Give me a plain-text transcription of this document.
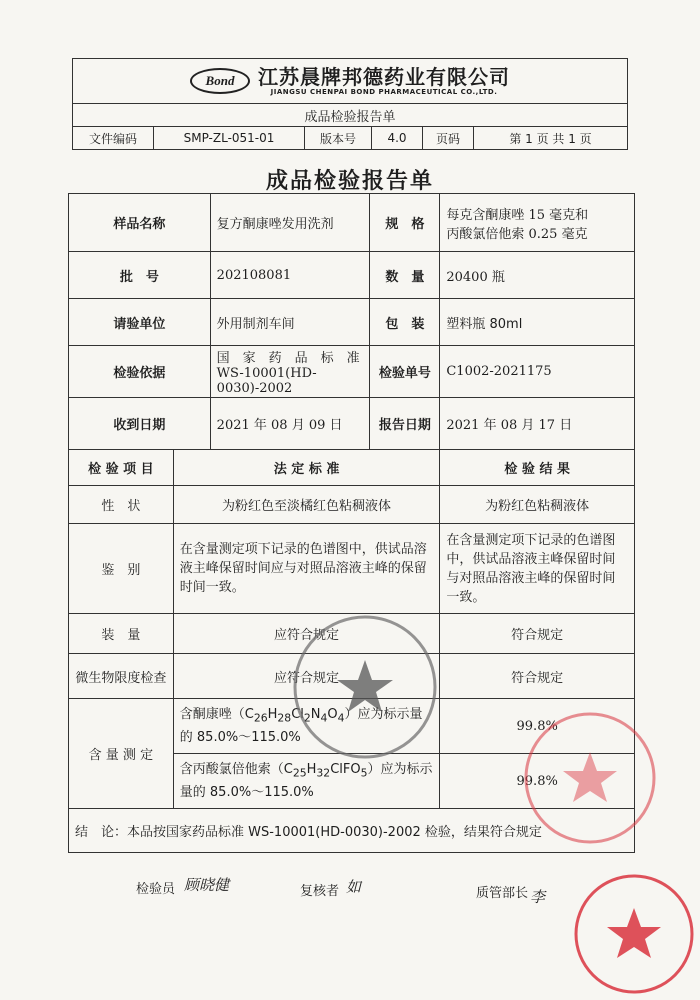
Bond	江苏晨牌邦德药业有限公司
JIANGSU CHENPAI BOND PHARMACEUTICAL CO.,LTD.

成品检验报告单
文件编码	SMP-ZL-051-01	版本号	4.0	页码	第 1 页 共 1 页
成品检验报告单
样品名称		复方酮康唑发用洗剂	规　格	每克含酮康唑 15 毫克和
丙酸氯倍他索 0.25 毫克

批　号		202108081	数　量	20400 瓶
请验单位		外用制剂车间	包　装	塑料瓶 80ml
检验依据		国　家　药　品　标　准
WS-10001(HD-0030)-2002	检验单号	C1002-2021175
收到日期		2021 年 08 月 09 日	报告日期	2021 年 08 月 17 日
检 验 项 目	法 定 标 准			检 验 结 果
性　状	为粉红色至淡橘红色粘稠液体			为粉红色粘稠液体
鉴　别	在含量测定项下记录的色谱图中，供试品溶液主峰保留时间应与对照品溶液主峰的保留时间一致。			在含量测定项下记录的色谱图中，供试品溶液主峰保留时间与对照品溶液主峰的保留时间一致。
装　量	应符合规定			符合规定
微生物限度检查	应符合规定			符合规定
含 量 测 定	含酮康唑$(C_{26}H_{28}Cl_2N_4O_4)$应为标示量的 85.0%～115.0%			99.8%
	含丙酸氯倍他索$(C_{25}H_{32}ClFO_5)$应为标示量的 85.0%～115.0%			99.8%
结　论：本品按国家药品标准 WS-10001(HD-0030)-2002 检验，结果符合规定				
检验员 顾晓健	复核者 如	质管部长 李
